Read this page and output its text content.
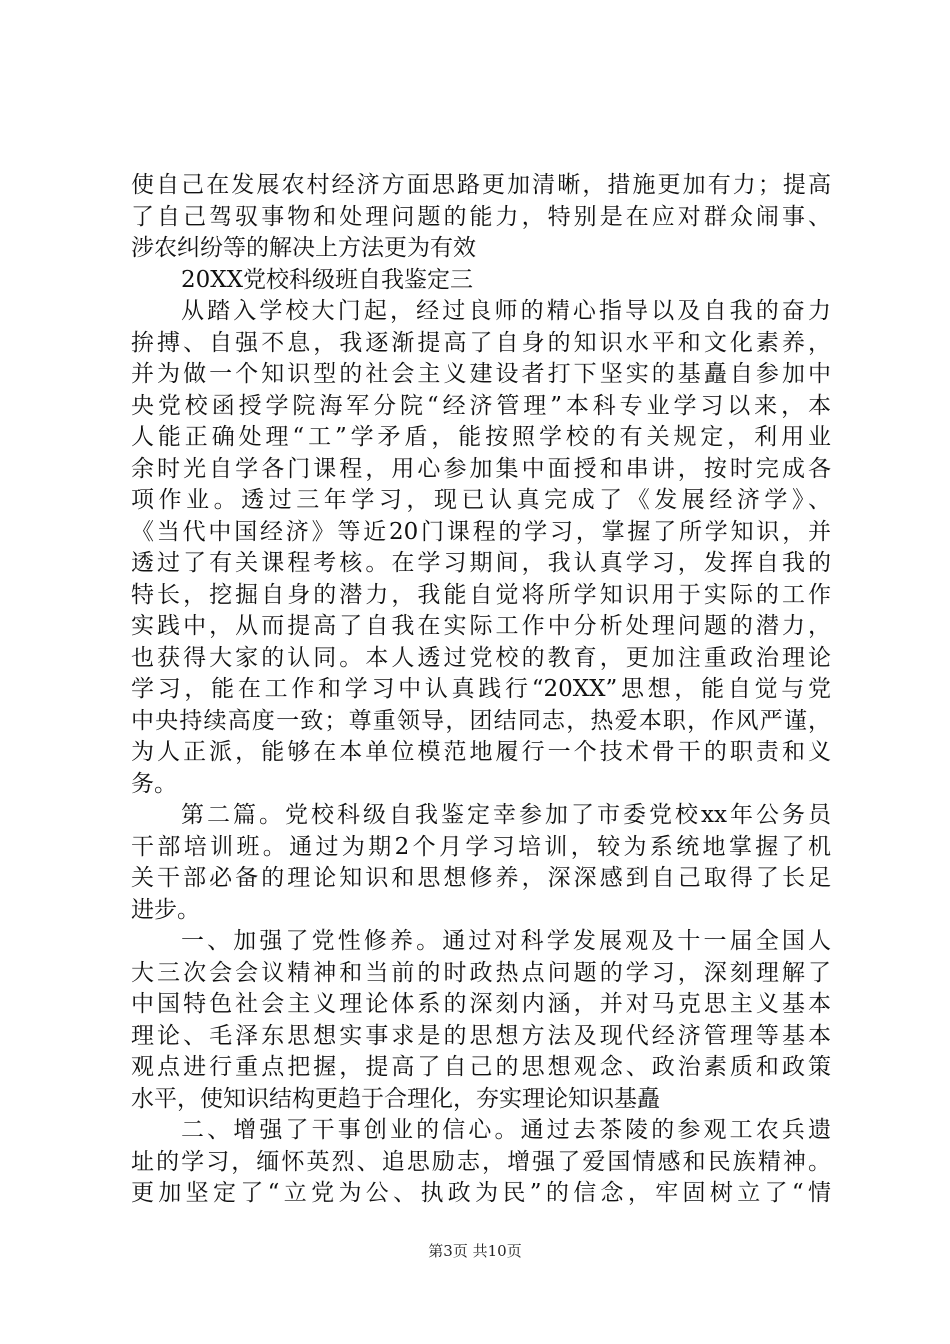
使自己在发展农村经济方面思路更加清晰，措施更加有力；提高
了自己驾驭事物和处理问题的能力，特别是在应对群众闹事、
涉农纠纷等的解决上方法更为有效
20XX党校科级班自我鉴定三
从踏入学校大门起，经过良师的精心指导以及自我的奋力
拚搏、自强不息，我逐渐提高了自身的知识水平和文化素养，
并为做一个知识型的社会主义建设者打下坚实的基矗自参加中
央党校函授学院海军分院“经济管理”本科专业学习以来，本
人能正确处理“工”学矛盾，能按照学校的有关规定，利用业
余时光自学各门课程，用心参加集中面授和串讲，按时完成各
项作业。透过三年学习，现已认真完成了《发展经济学》、
《当代中国经济》等近20门课程的学习，掌握了所学知识，并
透过了有关课程考核。在学习期间，我认真学习，发挥自我的
特长，挖掘自身的潜力，我能自觉将所学知识用于实际的工作
实践中，从而提高了自我在实际工作中分析处理问题的潜力，
也获得大家的认同。本人透过党校的教育，更加注重政治理论
学习，能在工作和学习中认真践行“20XX”思想，能自觉与党
中央持续高度一致；尊重领导，团结同志，热爱本职，作风严谨，
为人正派，能够在本单位模范地履行一个技术骨干的职责和义
务。
第二篇。党校科级自我鉴定幸参加了市委党校xx年公务员
干部培训班。通过为期2个月学习培训，较为系统地掌握了机
关干部必备的理论知识和思想修养，深深感到自己取得了长足
进步。
一、加强了党性修养。通过对科学发展观及十一届全国人
大三次会会议精神和当前的时政热点问题的学习，深刻理解了
中国特色社会主义理论体系的深刻内涵，并对马克思主义基本
理论、毛泽东思想实事求是的思想方法及现代经济管理等基本
观点进行重点把握，提高了自己的思想观念、政治素质和政策
水平，使知识结构更趋于合理化，夯实理论知识基矗
二、增强了干事创业的信心。通过去茶陵的参观工农兵遗
址的学习，缅怀英烈、追思励志，增强了爱国情感和民族精神。
更加坚定了“立党为公、执政为民”的信念，牢固树立了“情
第3页 共10页
